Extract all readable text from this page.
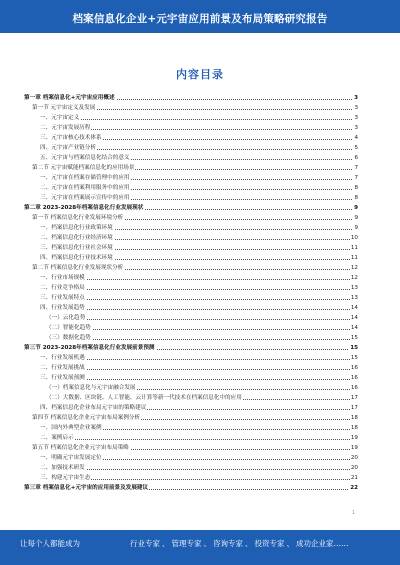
档案信息化企业+元宇宙应用前景及布局策略研究报告
内容目录
第一章 档案信息化+元宇宙应用概述	3
第一节 元宇宙定义及发展	3
一、元宇宙定义	3
二、元宇宙发展历程	3
三、元宇宙核心技术体系	4
四、元宇宙产业链分析	5
五、元宇宙与档案信息化结合的意义	6
第二节 元宇宙赋能档案信息化的应用场景	7
一、元宇宙在档案存储管理中的应用	7
二、元宇宙在档案利用服务中的应用	8
三、元宇宙在档案展示宣传中的应用	8
第二章 2023-2028年档案信息化行业发展现状	9
第一节 档案信息化行业发展环境分析	9
一、档案信息化行业政策环境	9
二、档案信息化行业经济环境	10
三、档案信息化行业社会环境	11
四、档案信息化行业技术环境	11
第二节 档案信息化行业发展现状分析	12
一、行业市场规模	12
二、行业竞争格局	13
三、行业发展特点	13
四、行业发展趋势	14
（一）云化趋势	14
（二）智能化趋势	14
（三）数据化趋势	15
第三节 2023-2028年档案信息化行业发展前景预测	15
一、行业发展机遇	15
二、行业发展挑战	16
三、行业发展预测	16
（一）档案信息化与元宇宙融合发展	16
（二）大数据、区块链、人工智能、云计算等新一代技术在档案信息化中的应用	17
四、档案信息化企业布局元宇宙的策略建议	17
第四节 档案信息化企业元宇宙布局案例分析	18
一、国内外典型企业案例	18
二、案例启示	19
第五节 档案信息化企业元宇宙布局策略	19
一、明确元宇宙发展定位	20
二、加强技术研发	20
三、构建元宇宙生态	21
第三章 档案信息化+元宇宙的应用前景及发展建议	22
1
让每个人都能成为	行业专家 、 管理专家 、 咨询专家 、 投资专家 、 成功企业家……
